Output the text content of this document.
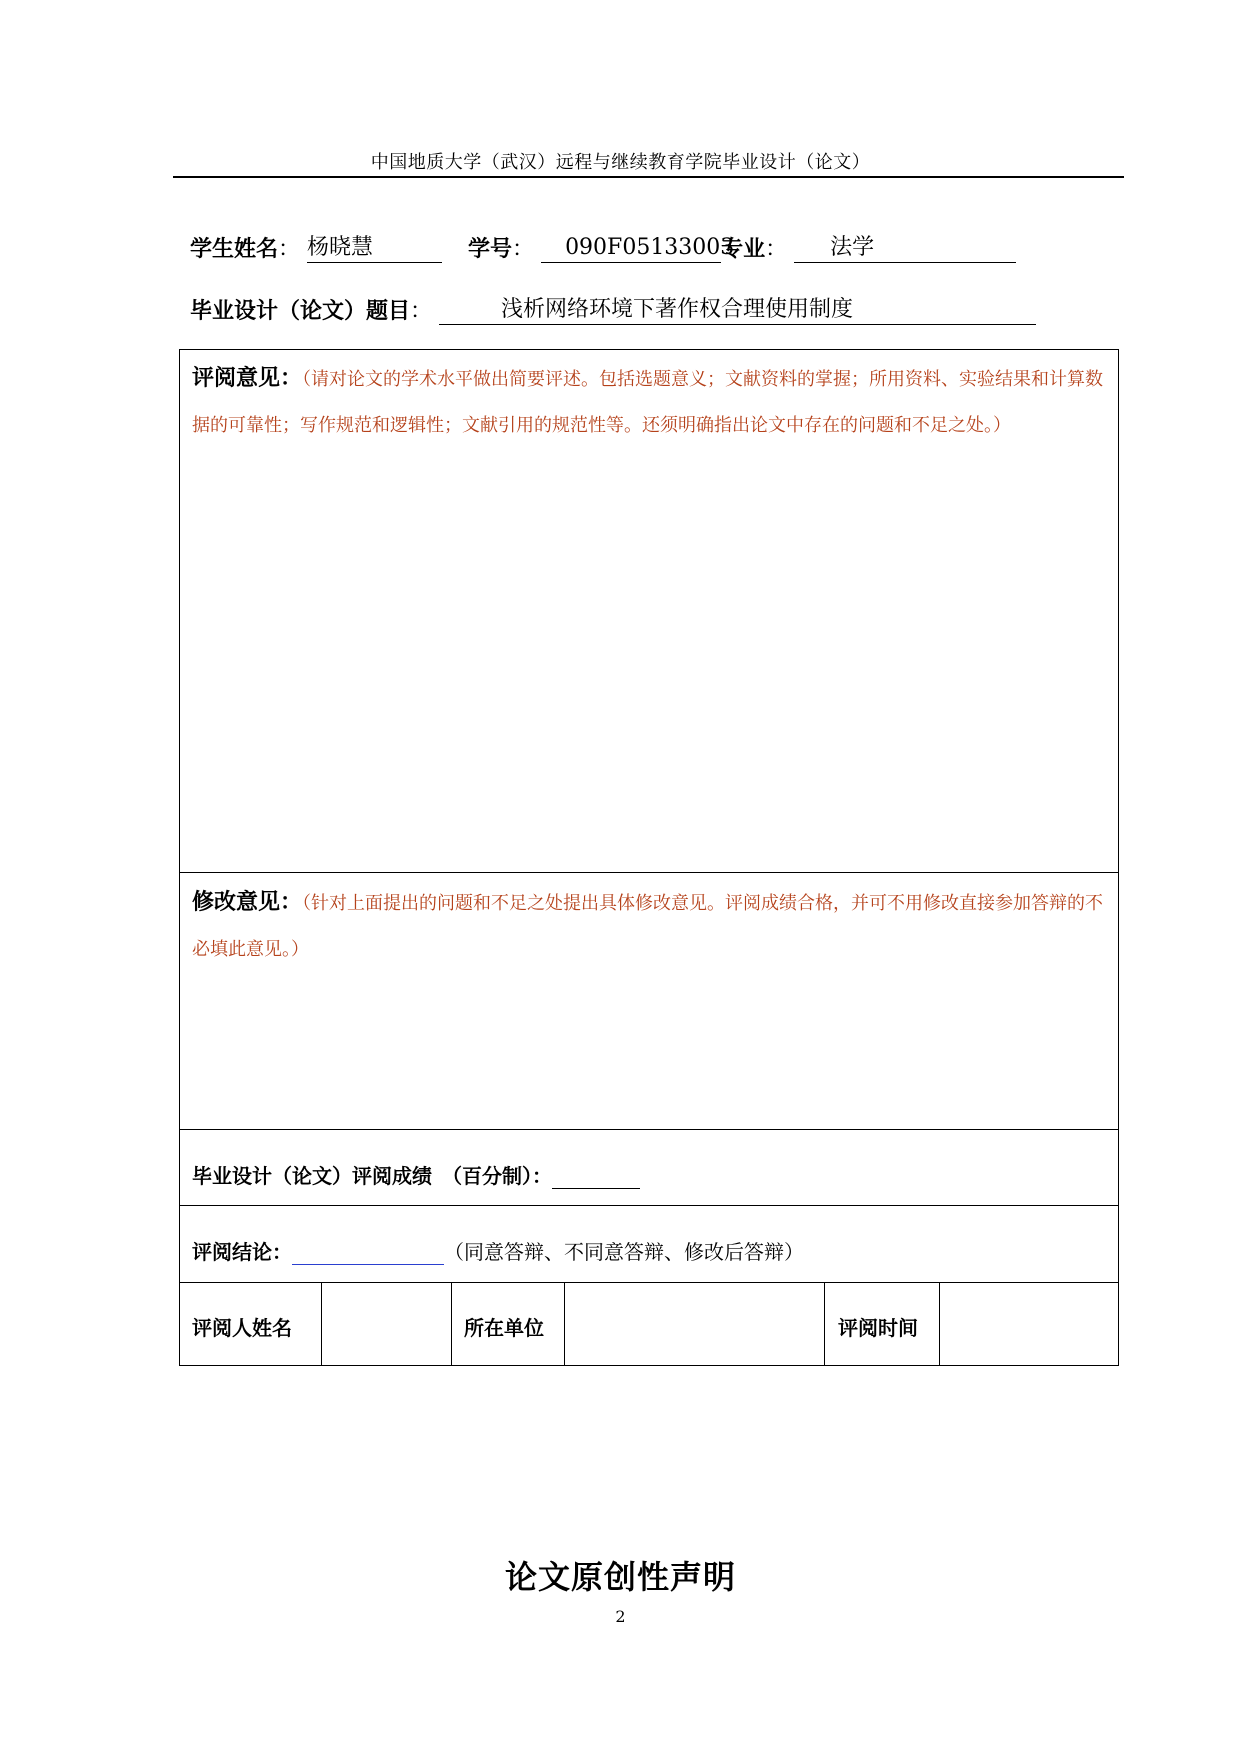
中国地质大学（武汉）远程与继续教育学院毕业设计（论文）
学生姓名： 杨晓慧	学号： 090F05133003专业： 法学
毕业设计（论文）题目：	浅析网络环境下著作权合理使用制度
评阅意见：（请对论文的学术水平做出简要评述。包括选题意义；文献资料的掌握；所用资料、实验结果和计算数据的可靠性；写作规范和逻辑性；文献引用的规范性等。还须明确指出论文中存在的问题和不足之处。）
修改意见：（针对上面提出的问题和不足之处提出具体修改意见。评阅成绩合格，并可不用修改直接参加答辩的不必填此意见。）
毕业设计（论文）评阅成绩 （百分制）：
评阅结论：	（同意答辩、不同意答辩、修改后答辩）
评阅人姓名	所在单位	评阅时间
论文原创性声明
2
